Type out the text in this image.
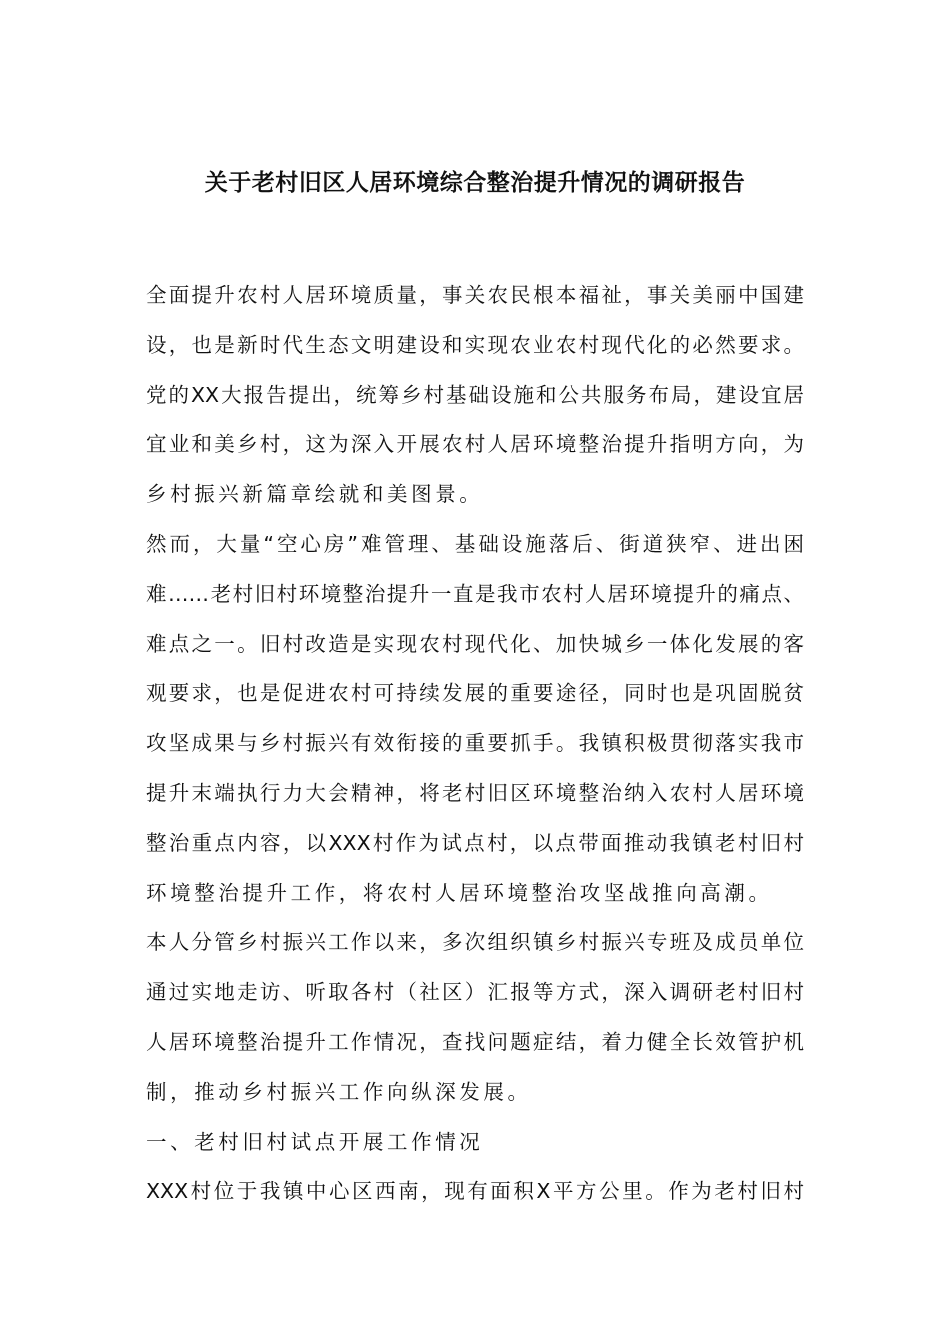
关于老村旧区人居环境综合整治提升情况的调研报告
全面提升农村人居环境质量，事关农民根本福祉，事关美丽中国建
设，也是新时代生态文明建设和实现农业农村现代化的必然要求。
党的XX大报告提出，统筹乡村基础设施和公共服务布局，建设宜居
宜业和美乡村，这为深入开展农村人居环境整治提升指明方向，为
乡村振兴新篇章绘就和美图景。
然而，大量“空心房”难管理、基础设施落后、街道狭窄、进出困
难……老村旧村环境整治提升一直是我市农村人居环境提升的痛点、
难点之一。旧村改造是实现农村现代化、加快城乡一体化发展的客
观要求，也是促进农村可持续发展的重要途径，同时也是巩固脱贫
攻坚成果与乡村振兴有效衔接的重要抓手。我镇积极贯彻落实我市
提升末端执行力大会精神，将老村旧区环境整治纳入农村人居环境
整治重点内容，以XXX村作为试点村，以点带面推动我镇老村旧村
环境整治提升工作，将农村人居环境整治攻坚战推向高潮。
本人分管乡村振兴工作以来，多次组织镇乡村振兴专班及成员单位
通过实地走访、听取各村（社区）汇报等方式，深入调研老村旧村
人居环境整治提升工作情况，查找问题症结，着力健全长效管护机
制，推动乡村振兴工作向纵深发展。
一、老村旧村试点开展工作情况
XXX村位于我镇中心区西南，现有面积X平方公里。作为老村旧村
